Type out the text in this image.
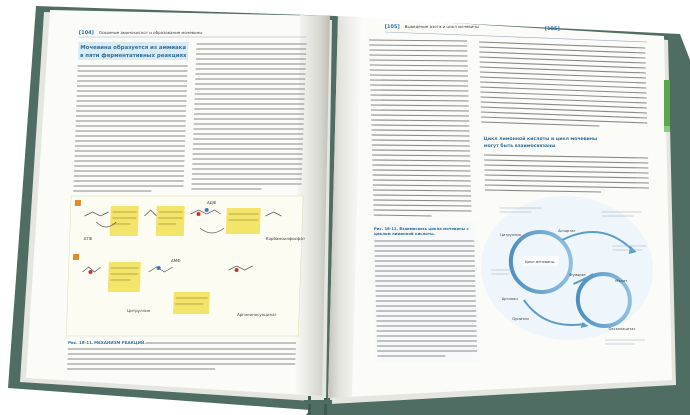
[104] Освоение аминокислот и образование мочевины
Мочевина образуется из аммиака
в пяти ферментативных реакциях
АТФ
АДФ
Карбамоилфосфат
Цитруллин
АМФ
Аргининосукцинат
Рис. 18-11. МЕХАНИЗМ РЕАКЦИЙ.
[105] Выведение азота и цикл мочевины	[105]
Рис. 18-12. Взаимосвязь цикла мочевины с
циклом лимонной кислоты.
Цикл лимонной кислоты и цикл мочевины
могут быть взаимосвязаны
Цикл мочевины
Фумарат
Малат
Аспартат
Оксалоацетат
Цитруллин
Аргинин
Орнитин
